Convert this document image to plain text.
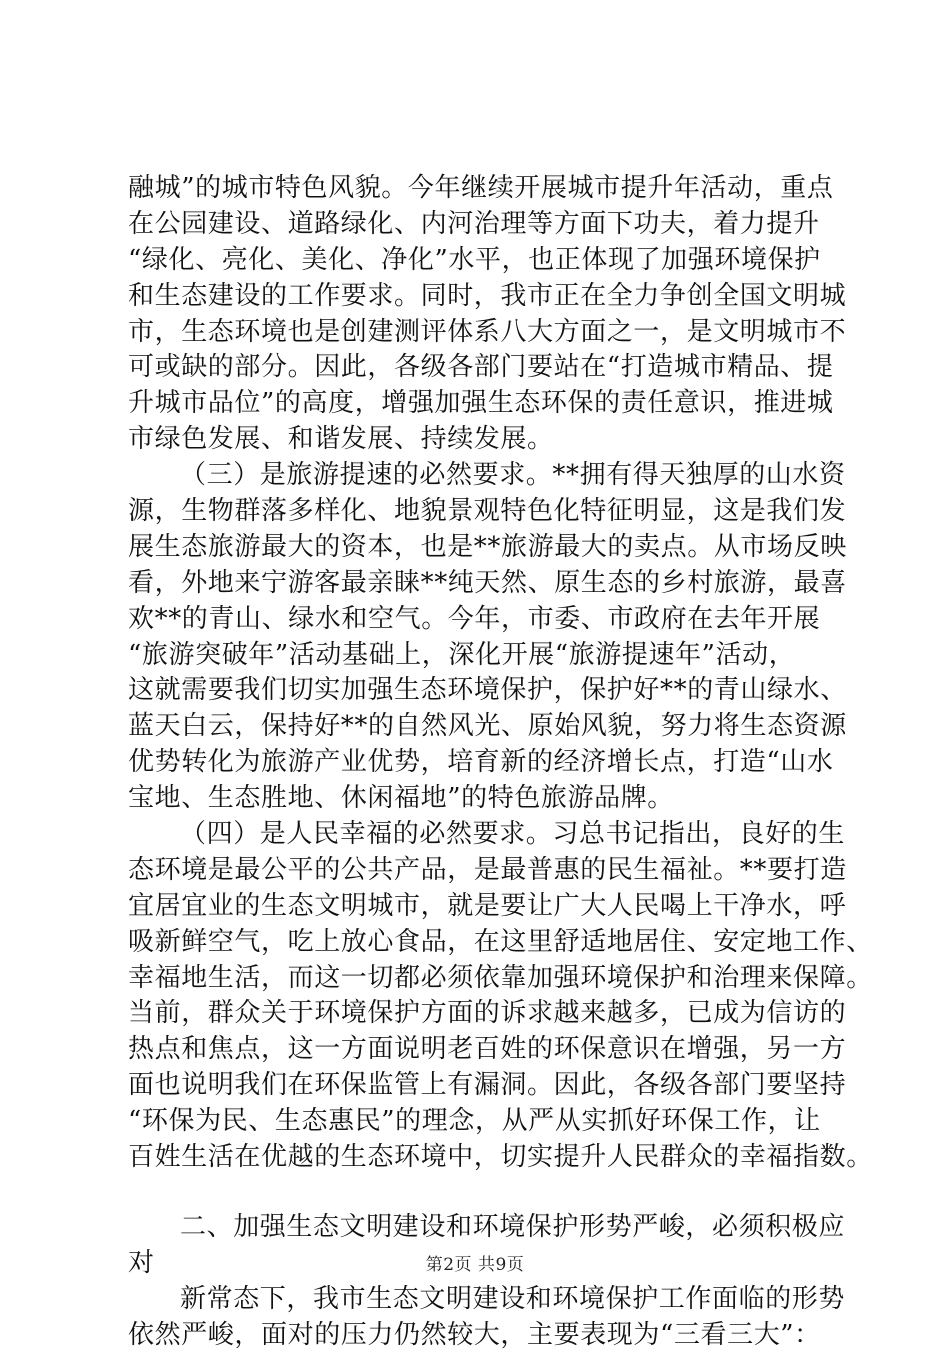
融城”的城市特色风貌。今年继续开展城市提升年活动，重点
在公园建设、道路绿化、内河治理等方面下功夫，着力提升
“绿化、亮化、美化、净化”水平，也正体现了加强环境保护
和生态建设的工作要求。同时，我市正在全力争创全国文明城
市，生态环境也是创建测评体系八大方面之一，是文明城市不
可或缺的部分。因此，各级各部门要站在“打造城市精品、提
升城市品位”的高度，增强加强生态环保的责任意识，推进城
市绿色发展、和谐发展、持续发展。
（三）是旅游提速的必然要求。**拥有得天独厚的山水资
源，生物群落多样化、地貌景观特色化特征明显，这是我们发
展生态旅游最大的资本，也是**旅游最大的卖点。从市场反映
看，外地来宁游客最亲睐**纯天然、原生态的乡村旅游，最喜
欢**的青山、绿水和空气。今年，市委、市政府在去年开展
“旅游突破年”活动基础上，深化开展“旅游提速年”活动，
这就需要我们切实加强生态环境保护，保护好**的青山绿水、
蓝天白云，保持好**的自然风光、原始风貌，努力将生态资源
优势转化为旅游产业优势，培育新的经济增长点，打造“山水
宝地、生态胜地、休闲福地”的特色旅游品牌。
（四）是人民幸福的必然要求。习总书记指出，良好的生
态环境是最公平的公共产品，是最普惠的民生福祉。**要打造
宜居宜业的生态文明城市，就是要让广大人民喝上干净水，呼
吸新鲜空气，吃上放心食品，在这里舒适地居住、安定地工作、
幸福地生活，而这一切都必须依靠加强环境保护和治理来保障。
当前，群众关于环境保护方面的诉求越来越多，已成为信访的
热点和焦点，这一方面说明老百姓的环保意识在增强，另一方
面也说明我们在环保监管上有漏洞。因此，各级各部门要坚持
“环保为民、生态惠民”的理念，从严从实抓好环保工作，让
百姓生活在优越的生态环境中，切实提升人民群众的幸福指数。
二、加强生态文明建设和环境保护形势严峻，必须积极应
对
新常态下，我市生态文明建设和环境保护工作面临的形势
依然严峻，面对的压力仍然较大，主要表现为“三看三大”：
第2页 共9页
